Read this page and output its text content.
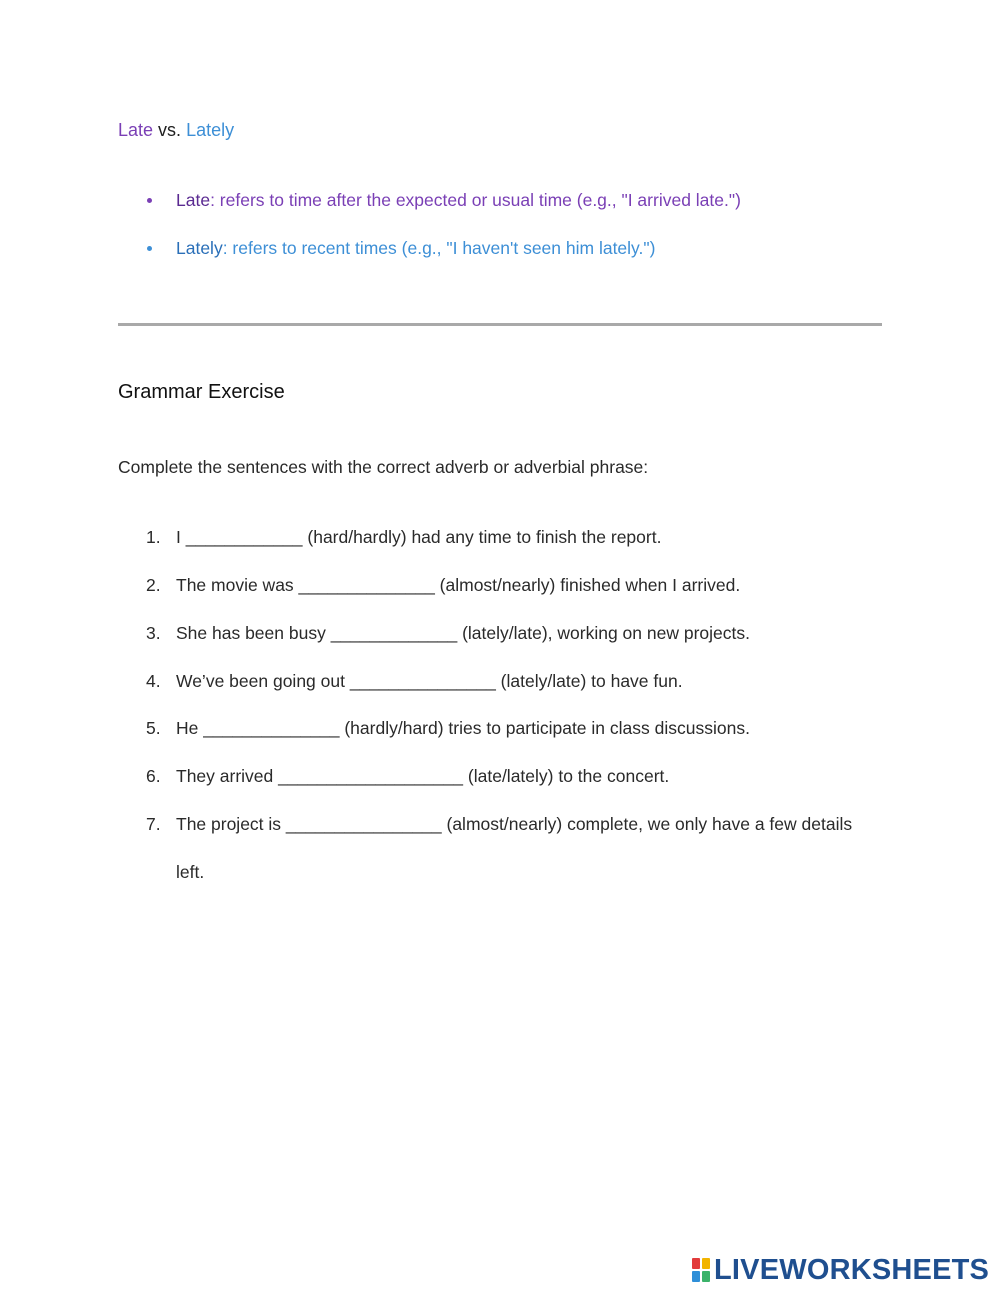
Late vs. Lately
Late: refers to time after the expected or usual time (e.g., "I arrived late.")
Lately: refers to recent times (e.g., "I haven't seen him lately.")
Grammar Exercise
Complete the sentences with the correct adverb or adverbial phrase:
1. I ____________ (hard/hardly) had any time to finish the report.
2. The movie was ______________ (almost/nearly) finished when I arrived.
3. She has been busy _____________ (lately/late), working on new projects.
4. We’ve been going out _______________ (lately/late) to have fun.
5. He ______________ (hardly/hard) tries to participate in class discussions.
6. They arrived ___________________ (late/lately) to the concert.
7. The project is ________________ (almost/nearly) complete, we only have a few details
left.
LIVEWORKSHEETS
